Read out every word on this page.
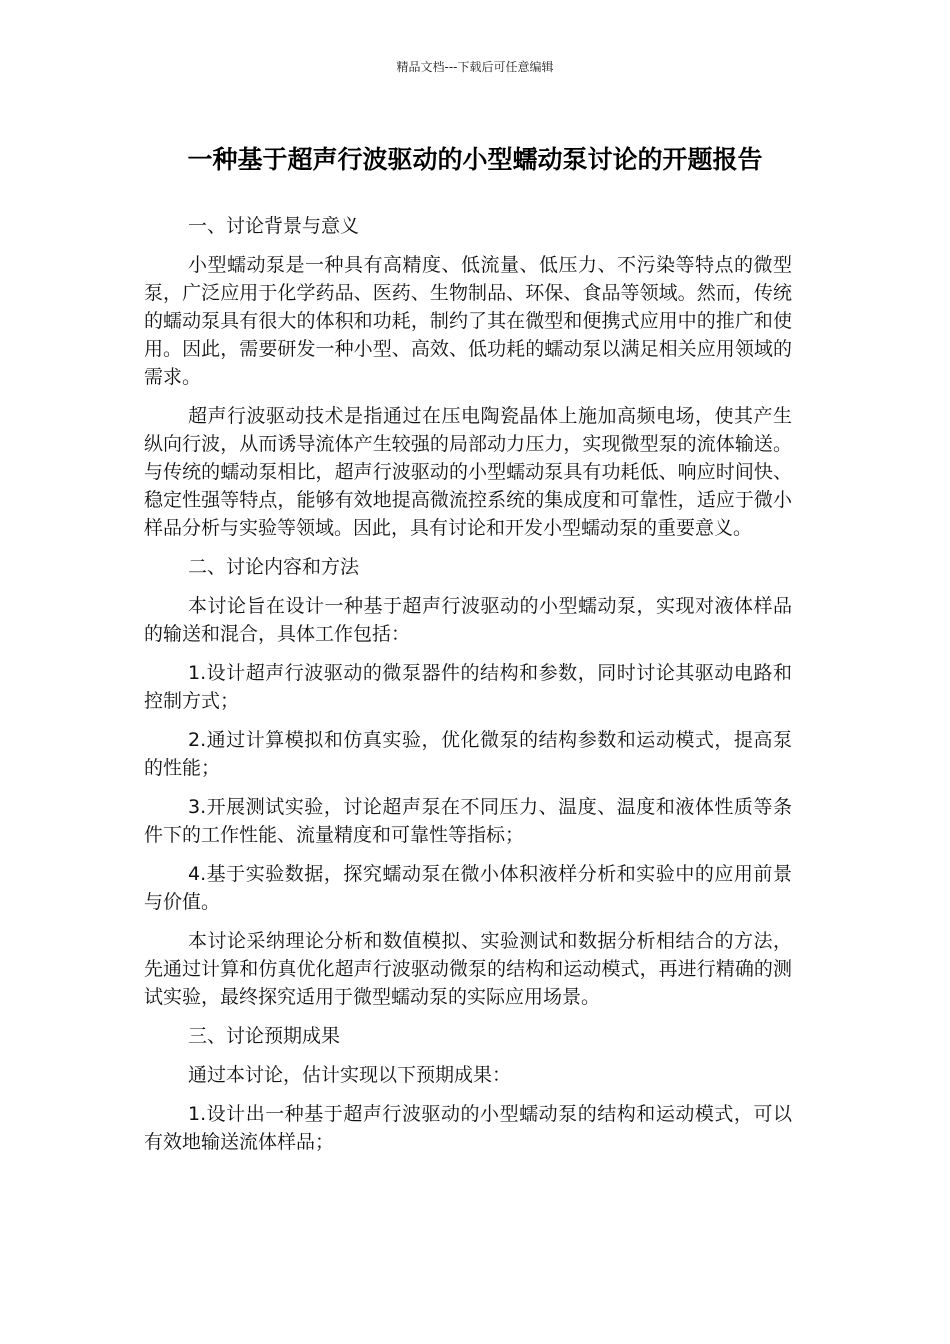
精品文档---下载后可任意编辑
一种基于超声行波驱动的小型蠕动泵讨论的开题报告

一、讨论背景与意义

小型蠕动泵是一种具有高精度、低流量、低压力、不污染等特点的微型泵，广泛应用于化学药品、医药、生物制品、环保、食品等领域。然而，传统的蠕动泵具有很大的体积和功耗，制约了其在微型和便携式应用中的推广和使用。因此，需要研发一种小型、高效、低功耗的蠕动泵以满足相关应用领域的需求。

超声行波驱动技术是指通过在压电陶瓷晶体上施加高频电场，使其产生纵向行波，从而诱导流体产生较强的局部动力压力，实现微型泵的流体输送。与传统的蠕动泵相比，超声行波驱动的小型蠕动泵具有功耗低、响应时间快、稳定性强等特点，能够有效地提高微流控系统的集成度和可靠性，适应于微小样品分析与实验等领域。因此，具有讨论和开发小型蠕动泵的重要意义。

二、讨论内容和方法

本讨论旨在设计一种基于超声行波驱动的小型蠕动泵，实现对液体样品的输送和混合，具体工作包括：

1.设计超声行波驱动的微泵器件的结构和参数，同时讨论其驱动电路和控制方式；

2.通过计算模拟和仿真实验，优化微泵的结构参数和运动模式，提高泵的性能；

3.开展测试实验，讨论超声泵在不同压力、温度、温度和液体性质等条件下的工作性能、流量精度和可靠性等指标；

4.基于实验数据，探究蠕动泵在微小体积液样分析和实验中的应用前景与价值。

本讨论采纳理论分析和数值模拟、实验测试和数据分析相结合的方法，先通过计算和仿真优化超声行波驱动微泵的结构和运动模式，再进行精确的测试实验，最终探究适用于微型蠕动泵的实际应用场景。

三、讨论预期成果

通过本讨论，估计实现以下预期成果：

1.设计出一种基于超声行波驱动的小型蠕动泵的结构和运动模式，可以有效地输送流体样品；
